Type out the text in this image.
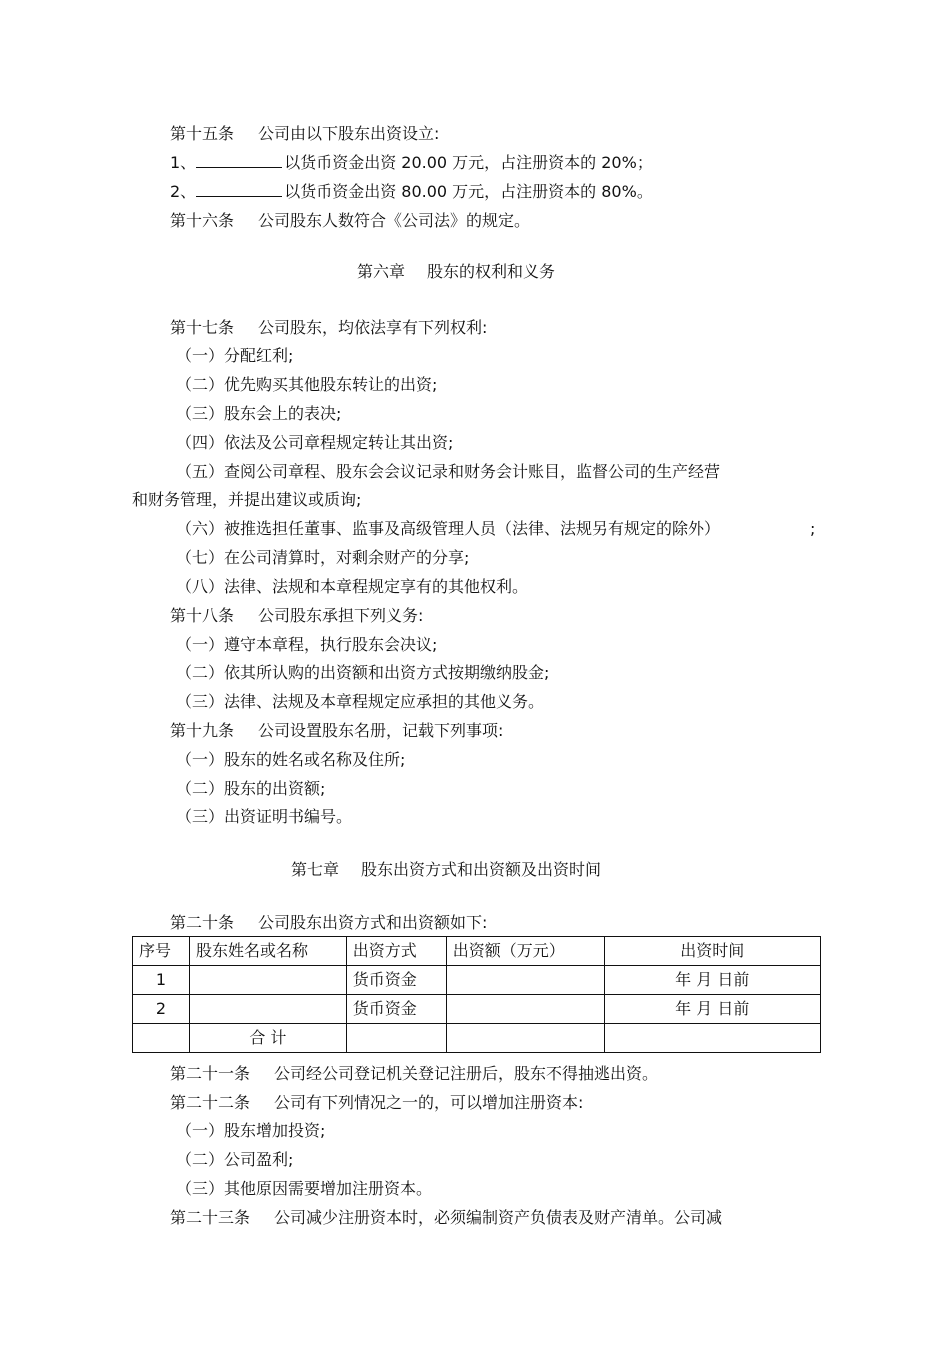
第十五条 公司由以下股东出资设立:
1、	以货币资金出资 20.00 万元，占注册资本的 20%；
2、	以货币资金出资 80.00 万元，占注册资本的 80%。
第十六条 公司股东人数符合《公司法》的规定。
第六章 股东的权利和义务
第十七条 公司股东，均依法享有下列权利:
（一）分配红利;
（二）优先购买其他股东转让的出资;
（三）股东会上的表决;
（四）依法及公司章程规定转让其出资;
（五）查阅公司章程、股东会会议记录和财务会计账目，监督公司的生产经营
和财务管理，并提出建议或质询;
（六）被推选担任董事、监事及高级管理人员（法律、法规另有规定的除外）	;
（七）在公司清算时，对剩余财产的分享;
（八）法律、法规和本章程规定享有的其他权利。
第十八条 公司股东承担下列义务:
（一）遵守本章程，执行股东会决议;
（二）依其所认购的出资额和出资方式按期缴纳股金;
（三）法律、法规及本章程规定应承担的其他义务。
第十九条 公司设置股东名册，记载下列事项:
（一）股东的姓名或名称及住所;
（二）股东的出资额;
（三）出资证明书编号。
第七章 股东出资方式和出资额及出资时间
第二十条 公司股东出资方式和出资额如下:
序号	股东姓名或名称	出资方式	出资额（万元）	出资时间
1		货币资金		年 月 日前
2		货币资金		年 月 日前
	合 计			
第二十一条 公司经公司登记机关登记注册后，股东不得抽逃出资。
第二十二条 公司有下列情况之一的，可以增加注册资本:
（一）股东增加投资;
（二）公司盈利;
（三）其他原因需要增加注册资本。
第二十三条 公司减少注册资本时，必须编制资产负债表及财产清单。公司减
